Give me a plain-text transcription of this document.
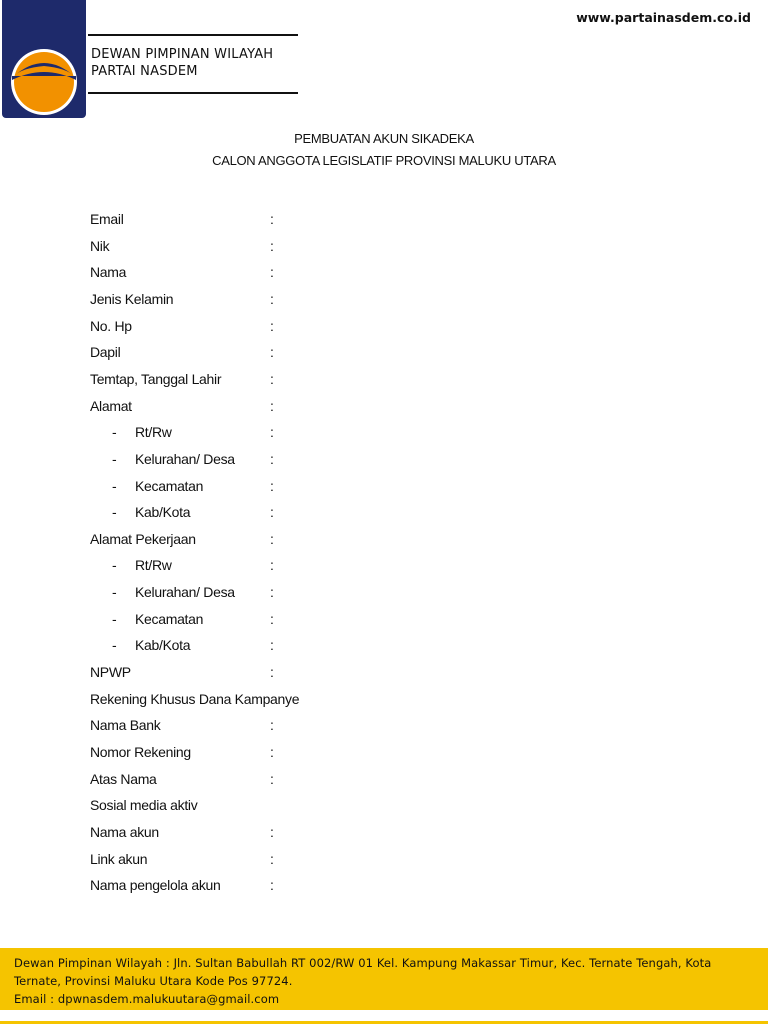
DEWAN PIMPINAN WILAYAH
PARTAI NASDEM
www.partainasdem.co.id
PEMBUATAN AKUN SIKADEKA
CALON ANGGOTA LEGISLATIF PROVINSI MALUKU UTARA
Email	:
Nik	:
Nama	:
Jenis Kelamin	:
No. Hp	:
Dapil	:
Temtap, Tanggal Lahir	:
Alamat	:
- Rt/Rw	:
- Kelurahan/ Desa	:
- Kecamatan	:
- Kab/Kota	:
Alamat Pekerjaan	:
- Rt/Rw	:
- Kelurahan/ Desa	:
- Kecamatan	:
- Kab/Kota	:
NPWP	:
Rekening Khusus Dana Kampanye
Nama Bank	:
Nomor Rekening	:
Atas Nama	:
Sosial media aktiv
Nama akun	:
Link akun	:
Nama pengelola akun	:
Dewan Pimpinan Wilayah : Jln. Sultan Babullah RT 002/RW 01 Kel. Kampung Makassar Timur, Kec. Ternate Tengah, Kota
Ternate, Provinsi Maluku Utara Kode Pos 97724.
Email : dpwnasdem.malukuutara@gmail.com
